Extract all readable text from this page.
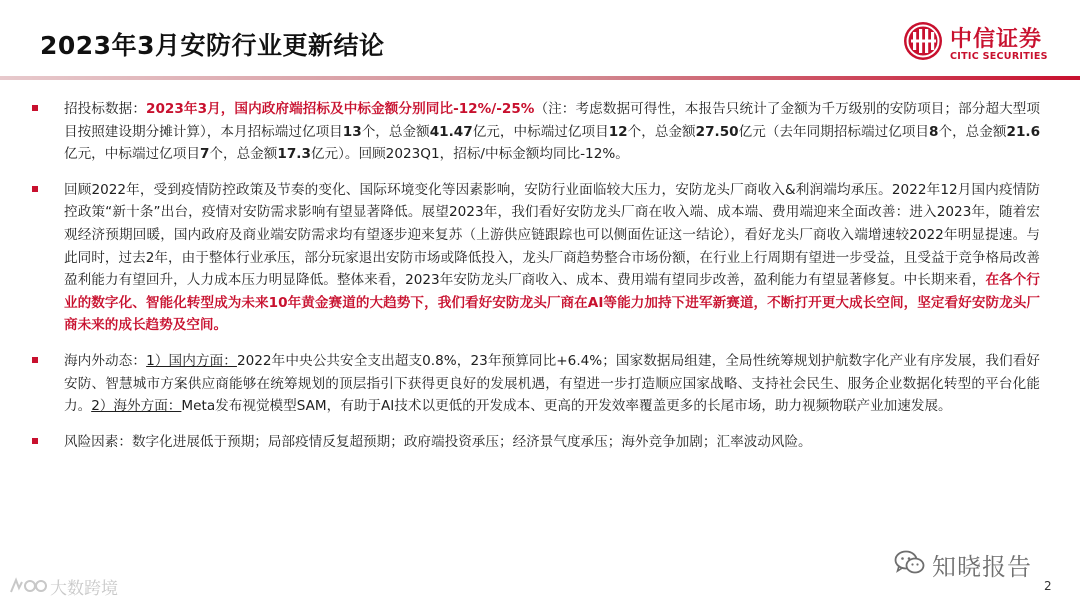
2023年3月安防行业更新结论	中信证券
CITIC SECURITIES
招投标数据：2023年3月，国内政府端招标及中标金额分别同比-12%/-25%（注：考虑数据可得性，本报告只统计了金额为千万级别的安防项目；部分超大型项目按照建设期分摊计算），本月招标端过亿项目13个，总金额41.47亿元，中标端过亿项目12个，总金额27.50亿元（去年同期招标端过亿项目8个，总金额21.6亿元，中标端过亿项目7个，总金额17.3亿元）。回顾2023Q1，招标/中标金额均同比-12%。
回顾2022年，受到疫情防控政策及节奏的变化、国际环境变化等因素影响，安防行业面临较大压力，安防龙头厂商收入&利润端均承压。2022年12月国内疫情防控政策“新十条”出台，疫情对安防需求影响有望显著降低。展望2023年，我们看好安防龙头厂商在收入端、成本端、费用端迎来全面改善：进入2023年，随着宏观经济预期回暖，国内政府及商业端安防需求均有望逐步迎来复苏（上游供应链跟踪也可以侧面佐证这一结论），看好龙头厂商收入端增速较2022年明显提速。与此同时，过去2年，由于整体行业承压，部分玩家退出安防市场或降低投入，龙头厂商趋势整合市场份额，在行业上行周期有望进一步受益，且受益于竞争格局改善盈利能力有望回升，人力成本压力明显降低。整体来看，2023年安防龙头厂商收入、成本、费用端有望同步改善，盈利能力有望显著修复。中长期来看，在各个行业的数字化、智能化转型成为未来10年黄金赛道的大趋势下，我们看好安防龙头厂商在AI等能力加持下进军新赛道，不断打开更大成长空间，坚定看好安防龙头厂商未来的成长趋势及空间。
海内外动态：1）国内方面：2022年中央公共安全支出超支0.8%，23年预算同比+6.4%；国家数据局组建，全局性统筹规划护航数字化产业有序发展，我们看好安防、智慧城市方案供应商能够在统筹规划的顶层指引下获得更良好的发展机遇，有望进一步打造顺应国家战略、支持社会民生、服务企业数据化转型的平台化能力。2）海外方面：Meta发布视觉模型SAM，有助于AI技术以更低的开发成本、更高的开发效率覆盖更多的长尾市场，助力视频物联产业加速发展。
风险因素：数字化进展低于预期；局部疫情反复超预期；政府端投资承压；经济景气度承压；海外竞争加剧；汇率波动风险。
大数跨境
知晓报告
2
